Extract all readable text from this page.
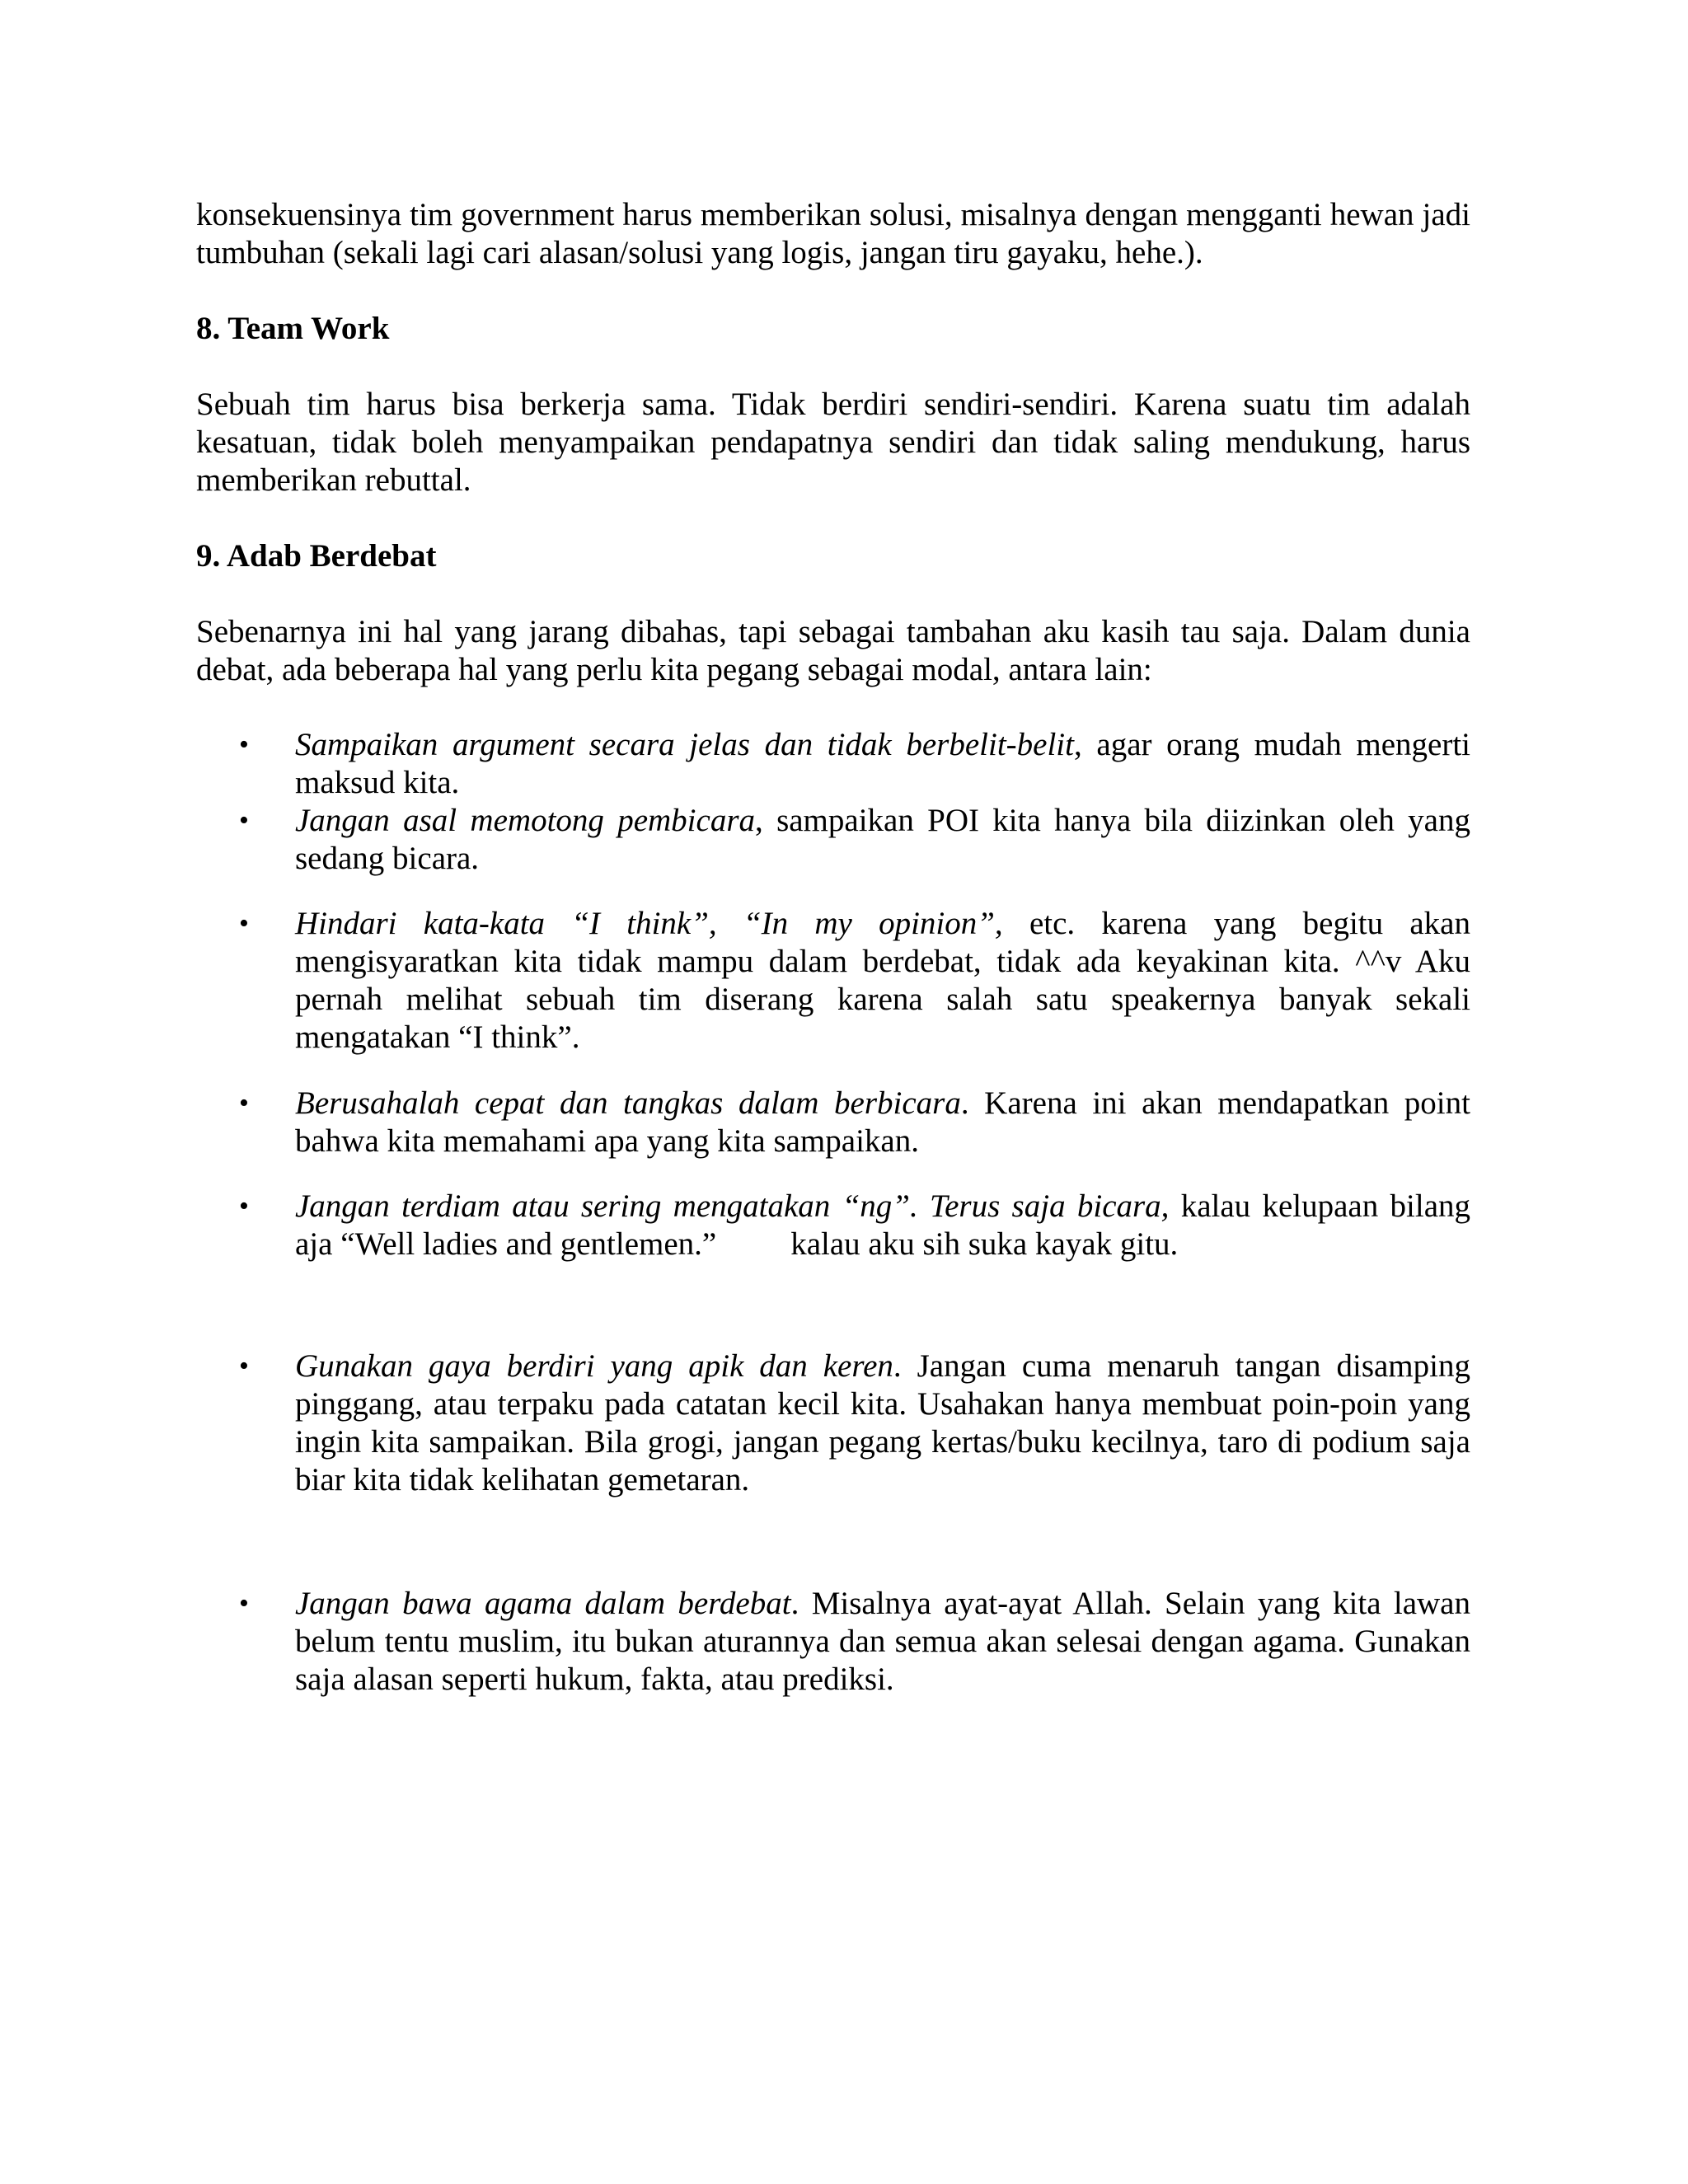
konsekuensinya tim government harus memberikan solusi, misalnya dengan mengganti hewan jadi tumbuhan (sekali lagi cari alasan/solusi yang logis, jangan tiru gayaku, hehe.).

8. Team Work

Sebuah tim harus bisa berkerja sama. Tidak berdiri sendiri-sendiri. Karena suatu tim adalah kesatuan, tidak boleh menyampaikan pendapatnya sendiri dan tidak saling mendukung, harus memberikan rebuttal.

9. Adab Berdebat

Sebenarnya ini hal yang jarang dibahas, tapi sebagai tambahan aku kasih tau saja. Dalam dunia debat, ada beberapa hal yang perlu kita pegang sebagai modal, antara lain:

• Sampaikan argument secara jelas dan tidak berbelit-belit, agar orang mudah mengerti maksud kita.

• Jangan asal memotong pembicara, sampaikan POI kita hanya bila diizinkan oleh yang sedang bicara.

• Hindari kata-kata “I think”, “In my opinion”, etc. karena yang begitu akan mengisyaratkan kita tidak mampu dalam berdebat, tidak ada keyakinan kita. ^^v Aku pernah melihat sebuah tim diserang karena salah satu speakernya banyak sekali mengatakan “I think”.

• Berusahalah cepat dan tangkas dalam berbicara. Karena ini akan mendapatkan point bahwa kita memahami apa yang kita sampaikan.

• Jangan terdiam atau sering mengatakan “ng”. Terus saja bicara, kalau kelupaan bilang aja “Well ladies and gentlemen.” kalau aku sih suka kayak gitu.

• Gunakan gaya berdiri yang apik dan keren. Jangan cuma menaruh tangan disamping pinggang, atau terpaku pada catatan kecil kita. Usahakan hanya membuat poin-poin yang ingin kita sampaikan. Bila grogi, jangan pegang kertas/buku kecilnya, taro di podium saja biar kita tidak kelihatan gemetaran.

• Jangan bawa agama dalam berdebat. Misalnya ayat-ayat Allah. Selain yang kita lawan belum tentu muslim, itu bukan aturannya dan semua akan selesai dengan agama. Gunakan saja alasan seperti hukum, fakta, atau prediksi.
